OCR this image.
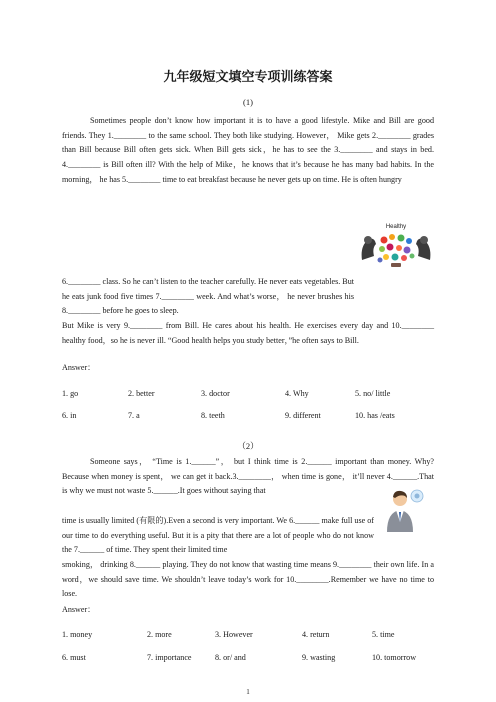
九年级短文填空专项训练答案
(1)

Sometimes people don’t know how important it is to have a good lifestyle. Mike and Bill are good friends. They 1.________ to the same school. They both like studying. However， Mike gets 2.________ grades than Bill because Bill often gets sick. When Bill gets sick，he has to see the 3.________ and stays in bed. 4.________ is Bill often ill? With the help of Mike，he knows that it’s because he has many bad habits. In the morning， he has 5.________ time to eat breakfast because he never gets up on time. He is often hungry

6.________ class. So he can’t listen to the teacher carefully. He never eats vegetables. But he eats junk food five times 7.________ week. And what’s worse， he never brushes his 8.________ before he goes to sleep.

But Mike is very 9.________ from Bill. He cares about his health. He exercises every day and 10.________ healthy food，so he is never ill. “Good health helps you study better，”he often says to Bill.

Healthy
Answer：
1. go	2. better	3. doctor	4. Why	5. no/ little
6. in	7. a	8. teeth	9. different	10. has /eats
（2）

Someone says， “Time is 1.______”， but I think time is 2.______ important than money. Why? Because when money is spent， we can get it back.3.________， when time is gone， it’ll never 4.______.That is why we must not waste 5.______.It goes without saying that

time is usually limited (有限的).Even a second is very important. We 6.______ make full use of our time to do everything useful. But it is a pity that there are a lot of people who do not know the 7.______ of time. They spent their limited time

smoking， drinking 8.______ playing. They do not know that wasting time means 9.________ their own life. In a word，we should save time. We shouldn’t leave today’s work for 10.________.Remember we have no time to lose.

Answer：
1. money	2. more	3. However	4. return	5. time
6. must	7. importance	8. or/ and	9. wasting	10. tomorrow
1
